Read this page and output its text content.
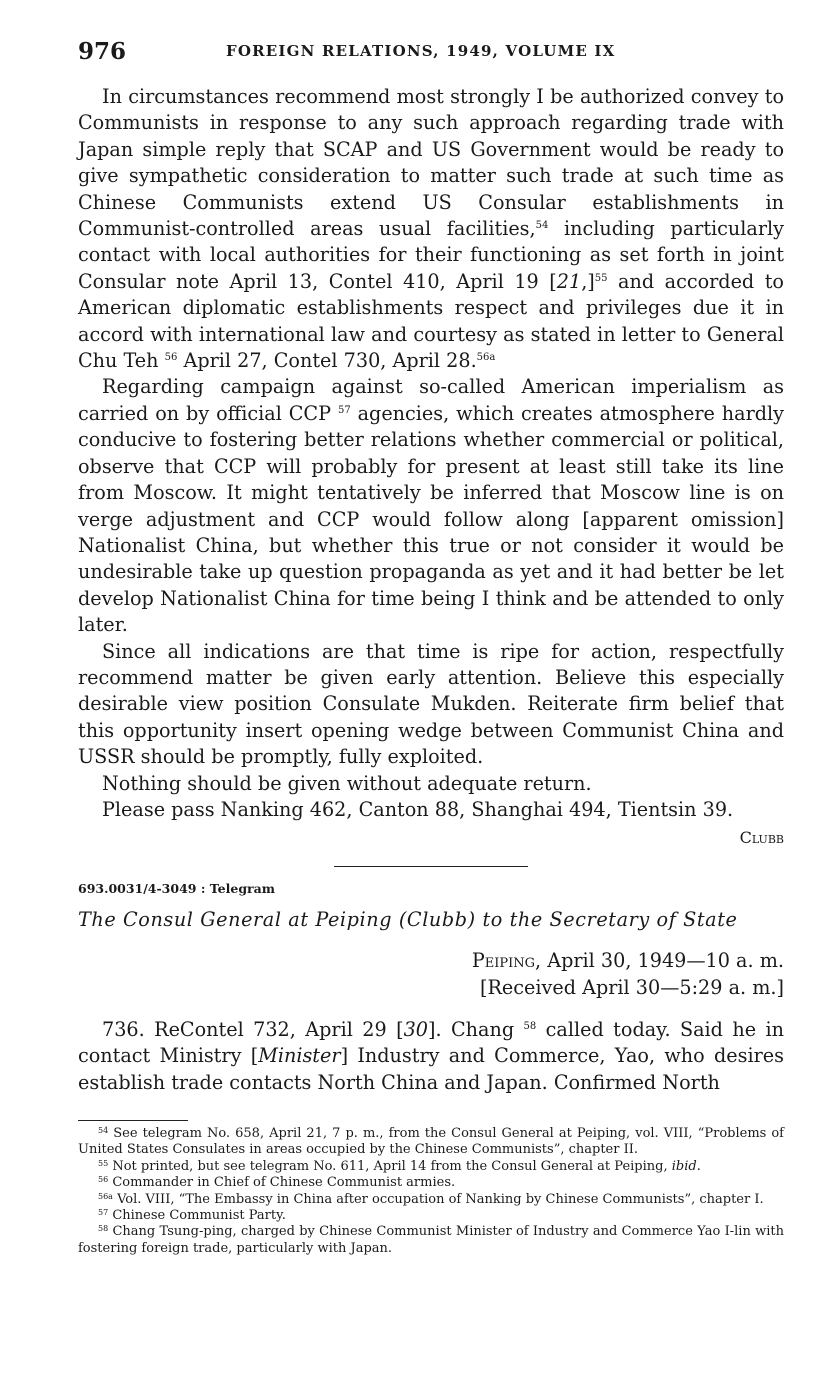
976	FOREIGN RELATIONS, 1949, VOLUME IX

In circumstances recommend most strongly I be authorized convey to Communists in response to any such approach regarding trade with Japan simple reply that SCAP and US Government would be ready to give sympathetic consideration to matter such trade at such time as Chinese Communists extend US Consular establishments in Communist-controlled areas usual facilities,$^{54}$ including particularly contact with local authorities for their functioning as set forth in joint Consular note April 13, Contel 410, April 19 $[21,]^{55}$ and accorded to American diplomatic establishments respect and privileges due it in accord with international law and courtesy as stated in letter to General Chu Teh $^{56}$ April 27, Contel 730, April 28.$^{56a}$

Regarding campaign against so-called American imperialism as carried on by official CCP $^{57}$ agencies, which creates atmosphere hardly conducive to fostering better relations whether commercial or political, observe that CCP will probably for present at least still take its line from Moscow. It might tentatively be inferred that Moscow line is on verge adjustment and CCP would follow along [apparent omission] Nationalist China, but whether this true or not consider it would be undesirable take up question propaganda as yet and it had better be let develop Nationalist China for time being I think and be attended to only later.

Since all indications are that time is ripe for action, respectfully recommend matter be given early attention. Believe this especially desirable view position Consulate Mukden. Reiterate firm belief that this opportunity insert opening wedge between Communist China and USSR should be promptly, fully exploited.

Nothing should be given without adequate return.

Please pass Nanking 462, Canton 88, Shanghai 494, Tientsin 39.

Clubb
693.0031/4-3049 : Telegram
The Consul General at Peiping (Clubb) to the Secretary of State
Peiping, April 30, 1949—10 a. m.
[Received April 30—5:29 a. m.]

736. ReContel 732, April 29 [30]. Chang $^{58}$ called today. Said he in contact Ministry [Minister] Industry and Commerce, Yao, who desires establish trade contacts North China and Japan. Confirmed North

$^{54}$ See telegram No. 658, April 21, 7 p. m., from the Consul General at Peiping, vol. VIII, “Problems of United States Consulates in areas occupied by the Chinese Communists”, chapter II.

$^{55}$ Not printed, but see telegram No. 611, April 14 from the Consul General at Peiping, ibid.

$^{56}$ Commander in Chief of Chinese Communist armies.

$^{56a}$ Vol. VIII, “The Embassy in China after occupation of Nanking by Chinese Communists”, chapter I.

$^{57}$ Chinese Communist Party.

$^{58}$ Chang Tsung-ping, charged by Chinese Communist Minister of Industry and Commerce Yao I-lin with fostering foreign trade, particularly with Japan.
